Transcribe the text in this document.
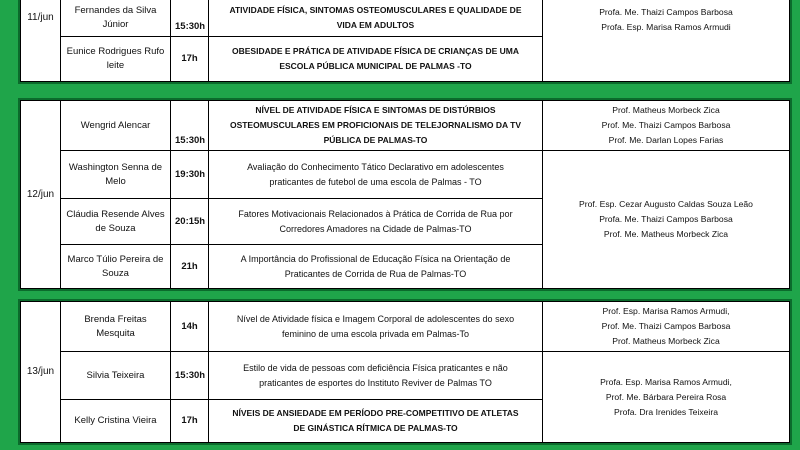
11/jun	Fernandes da Silva Júnior	15:30h	ATIVIDADE FÍSICA, SINTOMAS OSTEOMUSCULARES E QUALIDADE DE
VIDA EM ADULTOS	Profa. Me. Thaizi Campos Barbosa
Profa. Esp. Marisa Ramos Armudi

	Eunice Rodrigues Rufo leite	17h	OBESIDADE E PRÁTICA DE ATIVIDADE FÍSICA DE CRIANÇAS DE UMA
ESCOLA PÚBLICA MUNICIPAL DE PALMAS -TO	
12/jun	Wengrid Alencar	15:30h	NÍVEL DE ATIVIDADE FÍSICA E SINTOMAS DE DISTÚRBIOS
OSTEOMUSCULARES EM PROFICIONAIS DE TELEJORNALISMO DA TV
PÚBLICA DE PALMAS-TO	Prof. Matheus Morbeck Zica
Prof. Me. Thaizi Campos Barbosa
Prof. Me. Darlan Lopes Farias

	Washington Senna de Melo	19:30h	Avaliação do Conhecimento Tático Declarativo em adolescentes
praticantes de futebol de uma escola de Palmas - TO	Prof. Esp. Cezar Augusto Caldas Souza Leão
Profa. Me. Thaizi Campos Barbosa
Prof. Me. Matheus Morbeck Zica

	Cláudia Resende Alves de Souza	20:15h	Fatores Motivacionais Relacionados à Prática de Corrida de Rua por
Corredores Amadores na Cidade de Palmas-TO	

	Marco Túlio Pereira de Souza	21h	A Importância do Profissional de Educação Física na Orientação de
Praticantes de Corrida de Rua de Palmas-TO	
13/jun	Brenda Freitas Mesquita	14h	Nível de Atividade física e Imagem Corporal de adolescentes do sexo
feminino de uma escola privada em Palmas-To	Prof. Esp. Marisa Ramos Armudi,
Prof. Me. Thaizi Campos Barbosa
Prof. Matheus Morbeck Zica

	Silvia Teixeira	15:30h	Estilo de vida de pessoas com deficiência Física praticantes e não
praticantes de esportes do Instituto Reviver de Palmas TO	Profa. Esp. Marisa Ramos Armudi,
Prof. Me. Bárbara Pereira Rosa
Profa. Dra Irenides Teixeira

	Kelly Cristina Vieira	17h	NÍVEIS DE ANSIEDADE EM PERÍODO PRE-COMPETITIVO DE ATLETAS
DE GINÁSTICA RÍTMICA DE PALMAS-TO	
